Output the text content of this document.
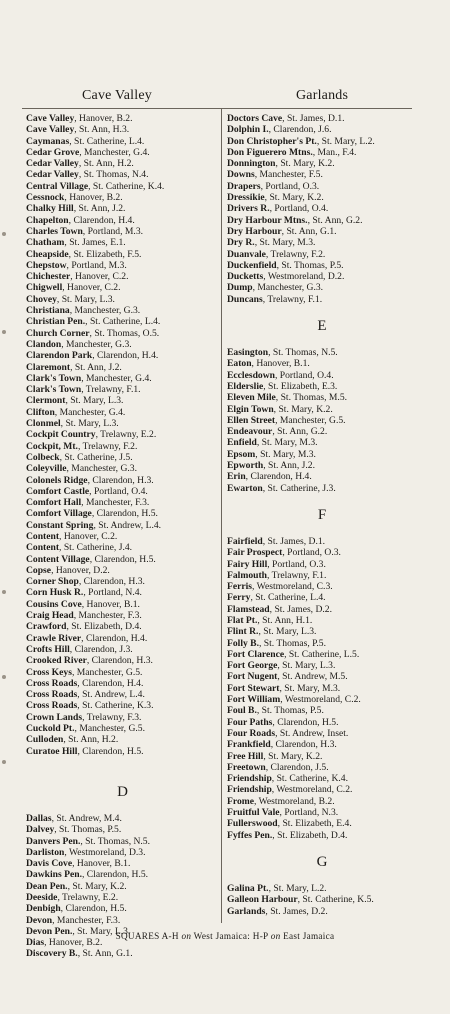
Cave Valley	Garlands
Cave Valley, Hanover, B.2.
Cave Valley, St. Ann, H.3.
Caymanas, St. Catherine, L.4.
Cedar Grove, Manchester, G.4.
Cedar Valley, St. Ann, H.2.
Cedar Valley, St. Thomas, N.4.
Central Village, St. Catherine, K.4.
Cessnock, Hanover, B.2.
Chalky Hill, St. Ann, J.2.
Chapelton, Clarendon, H.4.
Charles Town, Portland, M.3.
Chatham, St. James, E.1.
Cheapside, St. Elizabeth, F.5.
Chepstow, Portland, M.3.
Chichester, Hanover, C.2.
Chigwell, Hanover, C.2.
Chovey, St. Mary, L.3.
Christiana, Manchester, G.3.
Christian Pen., St. Catherine, L.4.
Church Corner, St. Thomas, O.5.
Clandon, Manchester, G.3.
Clarendon Park, Clarendon, H.4.
Claremont, St. Ann, J.2.
Clark's Town, Manchester, G.4.
Clark's Town, Trelawny, F.1.
Clermont, St. Mary, L.3.
Clifton, Manchester, G.4.
Clonmel, St. Mary, L.3.
Cockpit Country, Trelawny, E.2.
Cockpit, Mt., Trelawny, F.2.
Colbeck, St. Catherine, J.5.
Coleyville, Manchester, G.3.
Colonels Ridge, Clarendon, H.3.
Comfort Castle, Portland, O.4.
Comfort Hall, Manchester, F.3.
Comfort Village, Clarendon, H.5.
Constant Spring, St. Andrew, L.4.
Content, Hanover, C.2.
Content, St. Catherine, J.4.
Content Village, Clarendon, H.5.
Copse, Hanover, D.2.
Corner Shop, Clarendon, H.3.
Corn Husk R., Portland, N.4.
Cousins Cove, Hanover, B.1.
Craig Head, Manchester, F.3.
Crawford, St. Elizabeth, D.4.
Crawle River, Clarendon, H.4.
Crofts Hill, Clarendon, J.3.
Crooked River, Clarendon, H.3.
Cross Keys, Manchester, G.5.
Cross Roads, Clarendon, H.4.
Cross Roads, St. Andrew, L.4.
Cross Roads, St. Catherine, K.3.
Crown Lands, Trelawny, F.3.
Cuckold Pt., Manchester, G.5.
Culloden, St. Ann, H.2.
Curatoe Hill, Clarendon, H.5.
D
Dallas, St. Andrew, M.4.
Dalvey, St. Thomas, P.5.
Danvers Pen., St. Thomas, N.5.
Darliston, Westmoreland, D.3.
Davis Cove, Hanover, B.1.
Dawkins Pen., Clarendon, H.5.
Dean Pen., St. Mary, K.2.
Deeside, Trelawny, E.2.
Denbigh, Clarendon, H.5.
Devon, Manchester, F.3.
Devon Pen., St. Mary, L.3.
Dias, Hanover, B.2.
Discovery B., St. Ann, G.1.
Doctors Cave, St. James, D.1.
Dolphin I., Clarendon, J.6.
Don Christopher's Pt., St. Mary, L.2.
Don Figuerero Mtns., Man., F.4.
Donnington, St. Mary, K.2.
Downs, Manchester, F.5.
Drapers, Portland, O.3.
Dressikie, St. Mary, K.2.
Drivers R., Portland, O.4.
Dry Harbour Mtns., St. Ann, G.2.
Dry Harbour, St. Ann, G.1.
Dry R., St. Mary, M.3.
Duanvale, Trelawny, F.2.
Duckenfield, St. Thomas, P.5.
Ducketts, Westmoreland, D.2.
Dump, Manchester, G.3.
Duncans, Trelawny, F.1.
E
Easington, St. Thomas, N.5.
Eaton, Hanover, B.1.
Ecclesdown, Portland, O.4.
Elderslie, St. Elizabeth, E.3.
Eleven Mile, St. Thomas, M.5.
Elgin Town, St. Mary, K.2.
Ellen Street, Manchester, G.5.
Endeavour, St. Ann, G.2.
Enfield, St. Mary, M.3.
Epsom, St. Mary, M.3.
Epworth, St. Ann, J.2.
Erin, Clarendon, H.4.
Ewarton, St. Catherine, J.3.
F
Fairfield, St. James, D.1.
Fair Prospect, Portland, O.3.
Fairy Hill, Portland, O.3.
Falmouth, Trelawny, F.1.
Ferris, Westmoreland, C.3.
Ferry, St. Catherine, L.4.
Flamstead, St. James, D.2.
Flat Pt., St. Ann, H.1.
Flint R., St. Mary, L.3.
Folly B., St. Thomas, P.5.
Fort Clarence, St. Catherine, L.5.
Fort George, St. Mary, L.3.
Fort Nugent, St. Andrew, M.5.
Fort Stewart, St. Mary, M.3.
Fort William, Westmoreland, C.2.
Foul B., St. Thomas, P.5.
Four Paths, Clarendon, H.5.
Four Roads, St. Andrew, Inset.
Frankfield, Clarendon, H.3.
Free Hill, St. Mary, K.2.
Freetown, Clarendon, J.5.
Friendship, St. Catherine, K.4.
Friendship, Westmoreland, C.2.
Frome, Westmoreland, B.2.
Fruitful Vale, Portland, N.3.
Fullerswood, St. Elizabeth, E.4.
Fyffes Pen., St. Elizabeth, D.4.
G
Galina Pt., St. Mary, L.2.
Galleon Harbour, St. Catherine, K.5.
Garlands, St. James, D.2.
SQUARES A-H on West Jamaica: H-P on East Jamaica
